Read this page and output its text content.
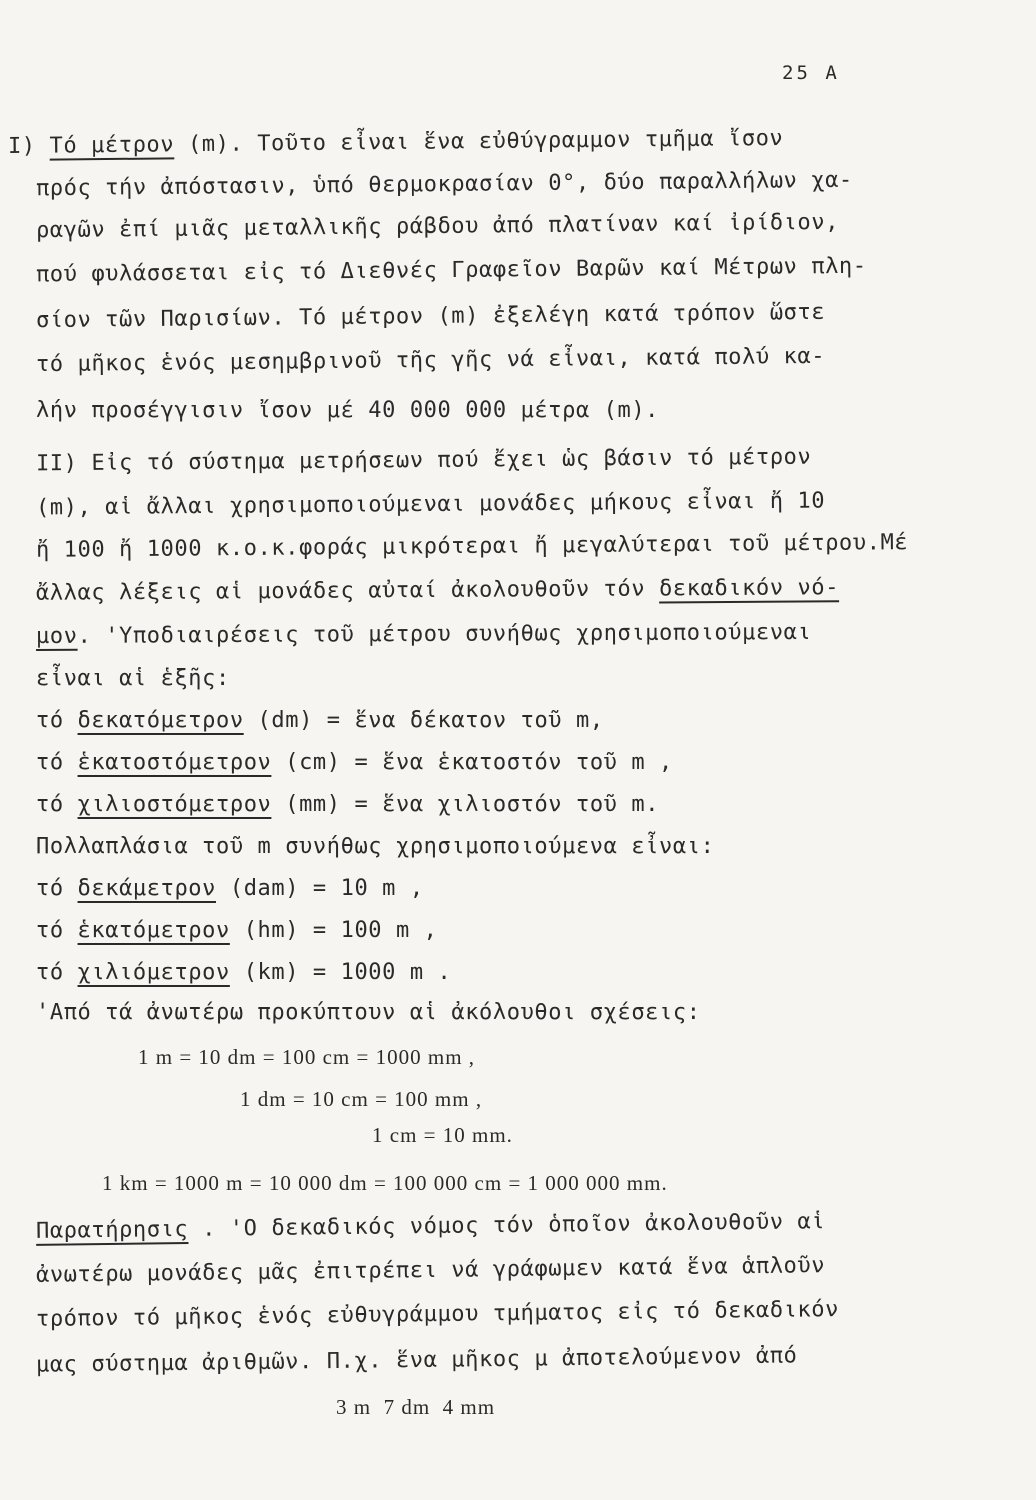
25 A
I) Τό μέτρον (m). Τοῦτο εἶναι ἕνα εὐθύγραμμον τμῆμα ἴσον
πρός τήν ἀπόστασιν, ὑπό θερμοκρασίαν 0°, δύο παραλλήλων χα-
ραγῶν ἐπί μιᾶς μεταλλικῆς ράβδου ἀπό πλατίναν καί ἰρίδιον,
πού φυλάσσεται εἰς τό Διεθνές Γραφεῖον Βαρῶν καί Μέτρων πλη-
σίον τῶν Παρισίων. Τό μέτρον (m) ἐξελέγη κατά τρόπον ὥστε
τό μῆκος ἑνός μεσημβρινοῦ τῆς γῆς νά εἶναι, κατά πολύ κα-
λήν προσέγγισιν ἴσον μέ 40 000 000 μέτρα (m).
II) Εἰς τό σύστημα μετρήσεων πού ἔχει ὡς βάσιν τό μέτρον
(m), αἱ ἄλλαι χρησιμοποιούμεναι μονάδες μήκους εἶναι ἤ 10
ἤ 100 ἤ 1000 κ.ο.κ.φοράς μικρότεραι ἤ μεγαλύτεραι τοῦ μέτρου.Μέ
ἄλλας λέξεις αἱ μονάδες αὐταί ἀκολουθοῦν τόν δεκαδικόν νό-
μον. 'Υποδιαιρέσεις τοῦ μέτρου συνήθως χρησιμοποιούμεναι
εἶναι αἱ ἑξῆς:
τό δεκατόμετρον (dm) = ἕνα δέκατον τοῦ m,
τό ἑκατοστόμετρον (cm) = ἕνα ἑκατοστόν τοῦ m ,
τό χιλιοστόμετρον (mm) = ἕνα χιλιοστόν τοῦ m.
Πολλαπλάσια τοῦ m συνήθως χρησιμοποιούμενα εἶναι:
τό δεκάμετρον (dam) = 10 m ,
τό ἑκατόμετρον (hm) = 100 m ,
τό χιλιόμετρον (km) = 1000 m .
'Από τά ἀνωτέρω προκύπτουν αἱ ἀκόλουθοι σχέσεις:
1 m = 10 dm = 100 cm = 1000 mm ,
1 dm = 10 cm = 100 mm ,
1 cm = 10 mm.
1 km = 1000 m = 10 000 dm = 100 000 cm = 1 000 000 mm.
Παρατήρησις . 'Ο δεκαδικός νόμος τόν ὁποῖον ἀκολουθοῦν αἱ
ἀνωτέρω μονάδες μᾶς ἐπιτρέπει νά γράφωμεν κατά ἕνα ἁπλοῦν
τρόπον τό μῆκος ἑνός εὐθυγράμμου τμήματος εἰς τό δεκαδικόν
μας σύστημα ἀριθμῶν. Π.χ. ἕνα μῆκος μ ἀποτελούμενον ἀπό
3 m  7 dm  4 mm
